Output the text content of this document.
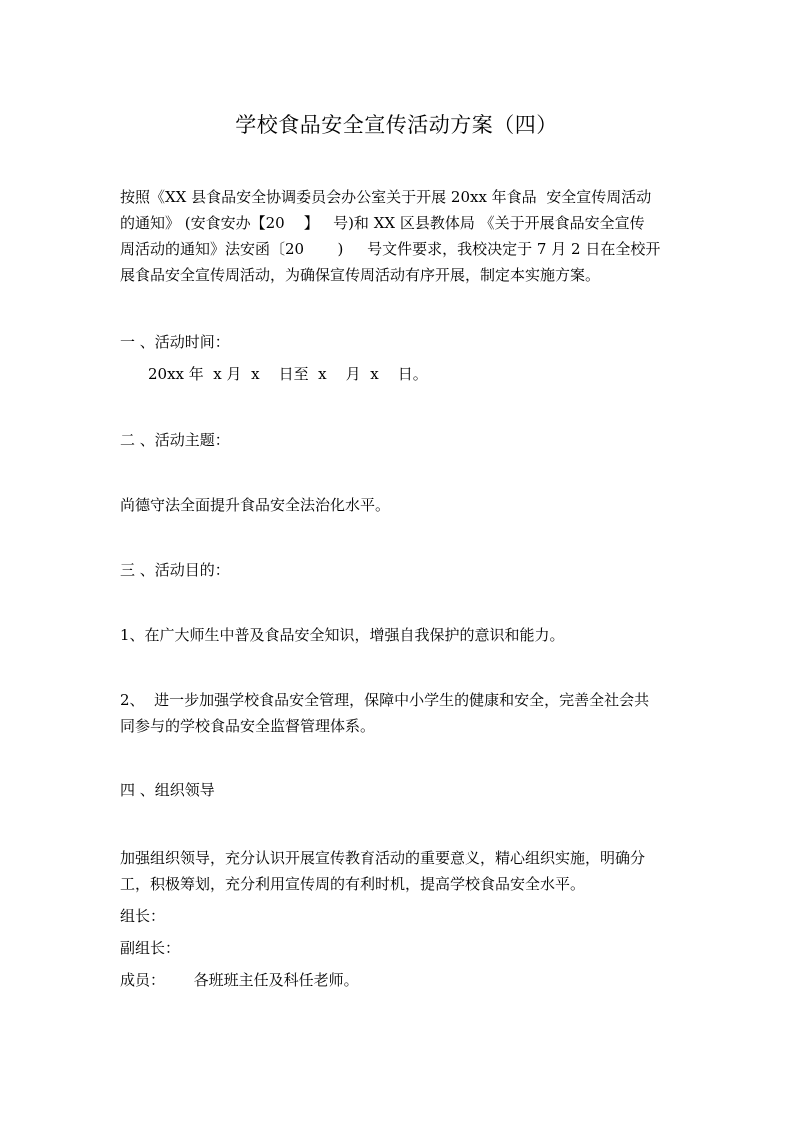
学校食品安全宣传活动方案（四）
按照《XX 县食品安全协调委员会办公室关于开展 20xx 年食品  安全宣传周活动
的通知》 (安食安办【20    】   号)和 XX 区县教体局 《关于开展食品安全宣传
周活动的通知》法安函〔20       )     号文件要求，我校决定于 7 月 2 日在全校开
展食品安全宣传周活动，为确保宣传周活动有序开展，制定本实施方案。
一 、活动时间：
20xx 年  x 月  x    日至  x    月  x    日。
二 、活动主题：
尚德守法全面提升食品安全法治化水平。
三 、活动目的：
1、在广大师生中普及食品安全知识，增强自我保护的意识和能力。
2、  进一步加强学校食品安全管理，保障中小学生的健康和安全，完善全社会共
同参与的学校食品安全监督管理体系。
四 、组织领导
加强组织领导，充分认识开展宣传教育活动的重要意义，精心组织实施，明确分
工，积极筹划，充分利用宣传周的有利时机，提高学校食品安全水平。
组长：
副组长：
成员：      各班班主任及科任老师。
